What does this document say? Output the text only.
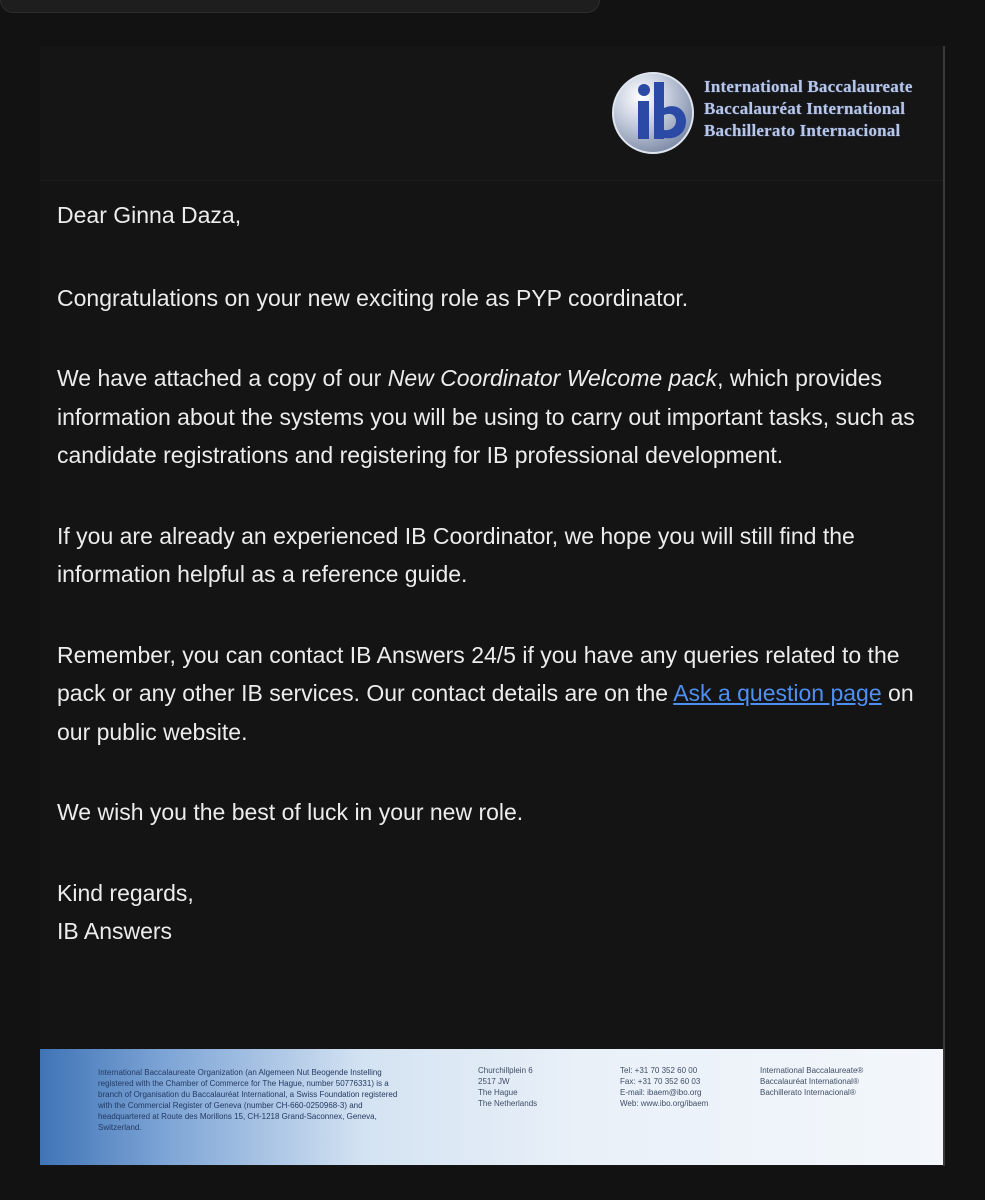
International Baccalaureate
Baccalauréat International
Bachillerato Internacional

Dear Ginna Daza,

Congratulations on your new exciting role as PYP coordinator.

We have attached a copy of our New Coordinator Welcome pack, which provides information about the systems you will be using to carry out important tasks, such as candidate registrations and registering for IB professional development.

If you are already an experienced IB Coordinator, we hope you will still find the information helpful as a reference guide.

Remember, you can contact IB Answers 24/5 if you have any queries related to the pack or any other IB services. Our contact details are on the Ask a question page on our public website.

We wish you the best of luck in your new role.

Kind regards,

IB Answers

International Baccalaureate Organization (an Algemeen Nut Beogende Instelling registered with the Chamber of Commerce for The Hague, number 50776331) is a branch of Organisation du Baccalauréat International, a Swiss Foundation registered with the Commercial Register of Geneva (number CH-660-0250968-3) and headquartered at Route des Morillons 15, CH-1218 Grand-Saconnex, Geneva, Switzerland.
Churchillplein 6
2517 JW
The Hague
The Netherlands
Tel: +31 70 352 60 00
Fax: +31 70 352 60 03
E-mail: ibaem@ibo.org
Web: www.ibo.org/ibaem
International Baccalaureate®
Baccalauréat International®
Bachillerato Internacional®
